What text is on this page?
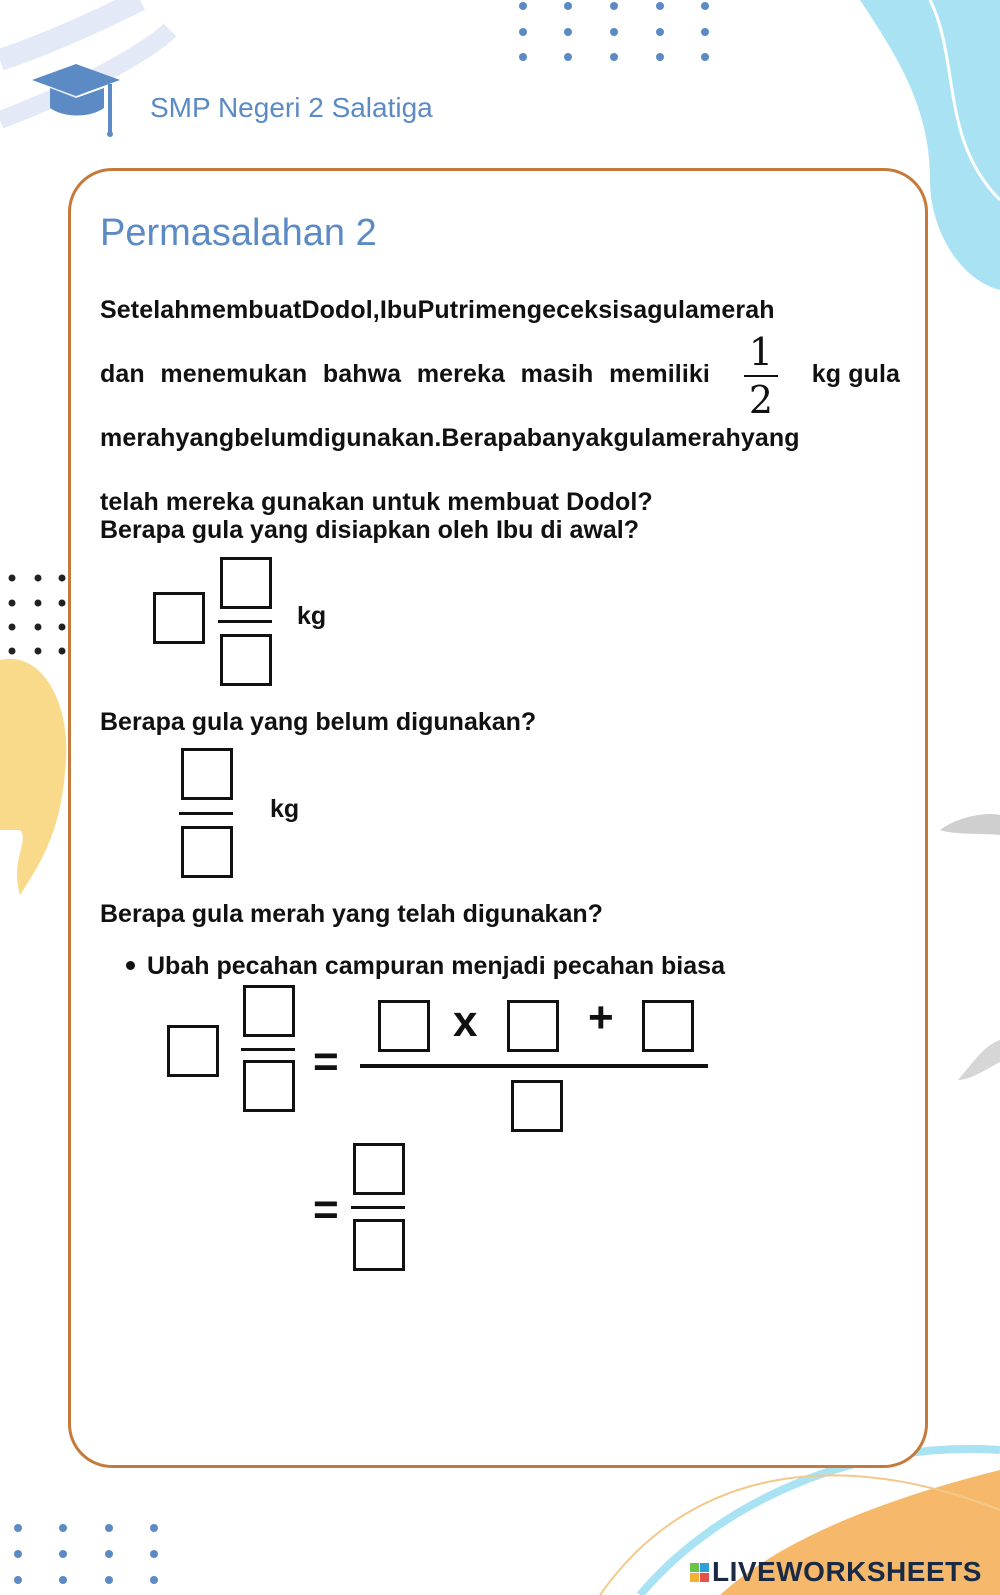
SMP Negeri 2 Salatiga
Permasalahan 2
SetelahmembuatDodol,IbuPutrimengeceksisagulamerah
dan menemukan bahwa mereka masih memiliki $\frac{1}{2}$	kg gula
merahyangbelumdigunakan.Berapabanyakgulamerahyang
telah mereka gunakan untuk membuat Dodol?
Berapa gula yang disiapkan oleh Ibu di awal?
kg
Berapa gula yang belum digunakan?
kg
Berapa gula merah yang telah digunakan?
Ubah pecahan campuran menjadi pecahan biasa
=
x	+
=
LIVEWORKSHEETS
